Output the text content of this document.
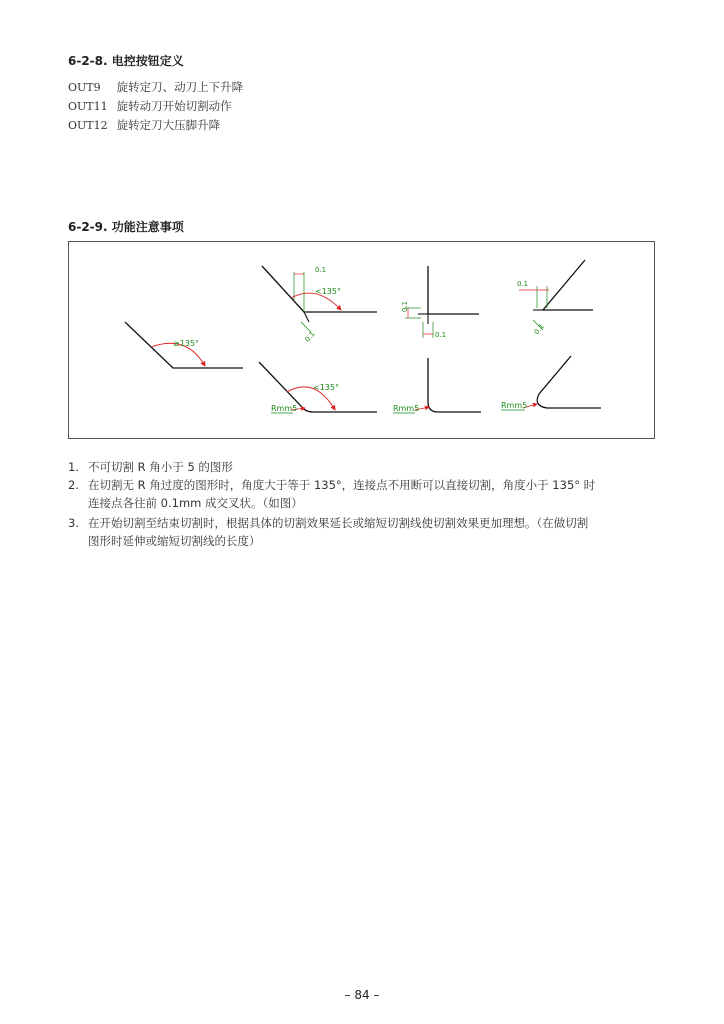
6-2-8. 电控按钮定义
OUT9 旋转定刀、动刀上下升降
OUT11 旋转动刀开始切割动作
OUT12 旋转定刀大压脚升降
6-2-9. 功能注意事项
≥135°
0.1
<135°
0.1
0.1
0.1
0.1
0.1
<135°
Rmm5	Rmm5	Rmm5
1. 不可切割 R 角小于 5 的图形
2. 在切割无 R 角过度的图形时，角度大于等于 135°，连接点不用断可以直接切割，角度小于 135° 时
连接点各往前 0.1mm 成交叉状。（如图）
3. 在开始切割至结束切割时，根据具体的切割效果延长或缩短切割线使切割效果更加理想。（在做切割
图形时延伸或缩短切割线的长度）
– 84 –
